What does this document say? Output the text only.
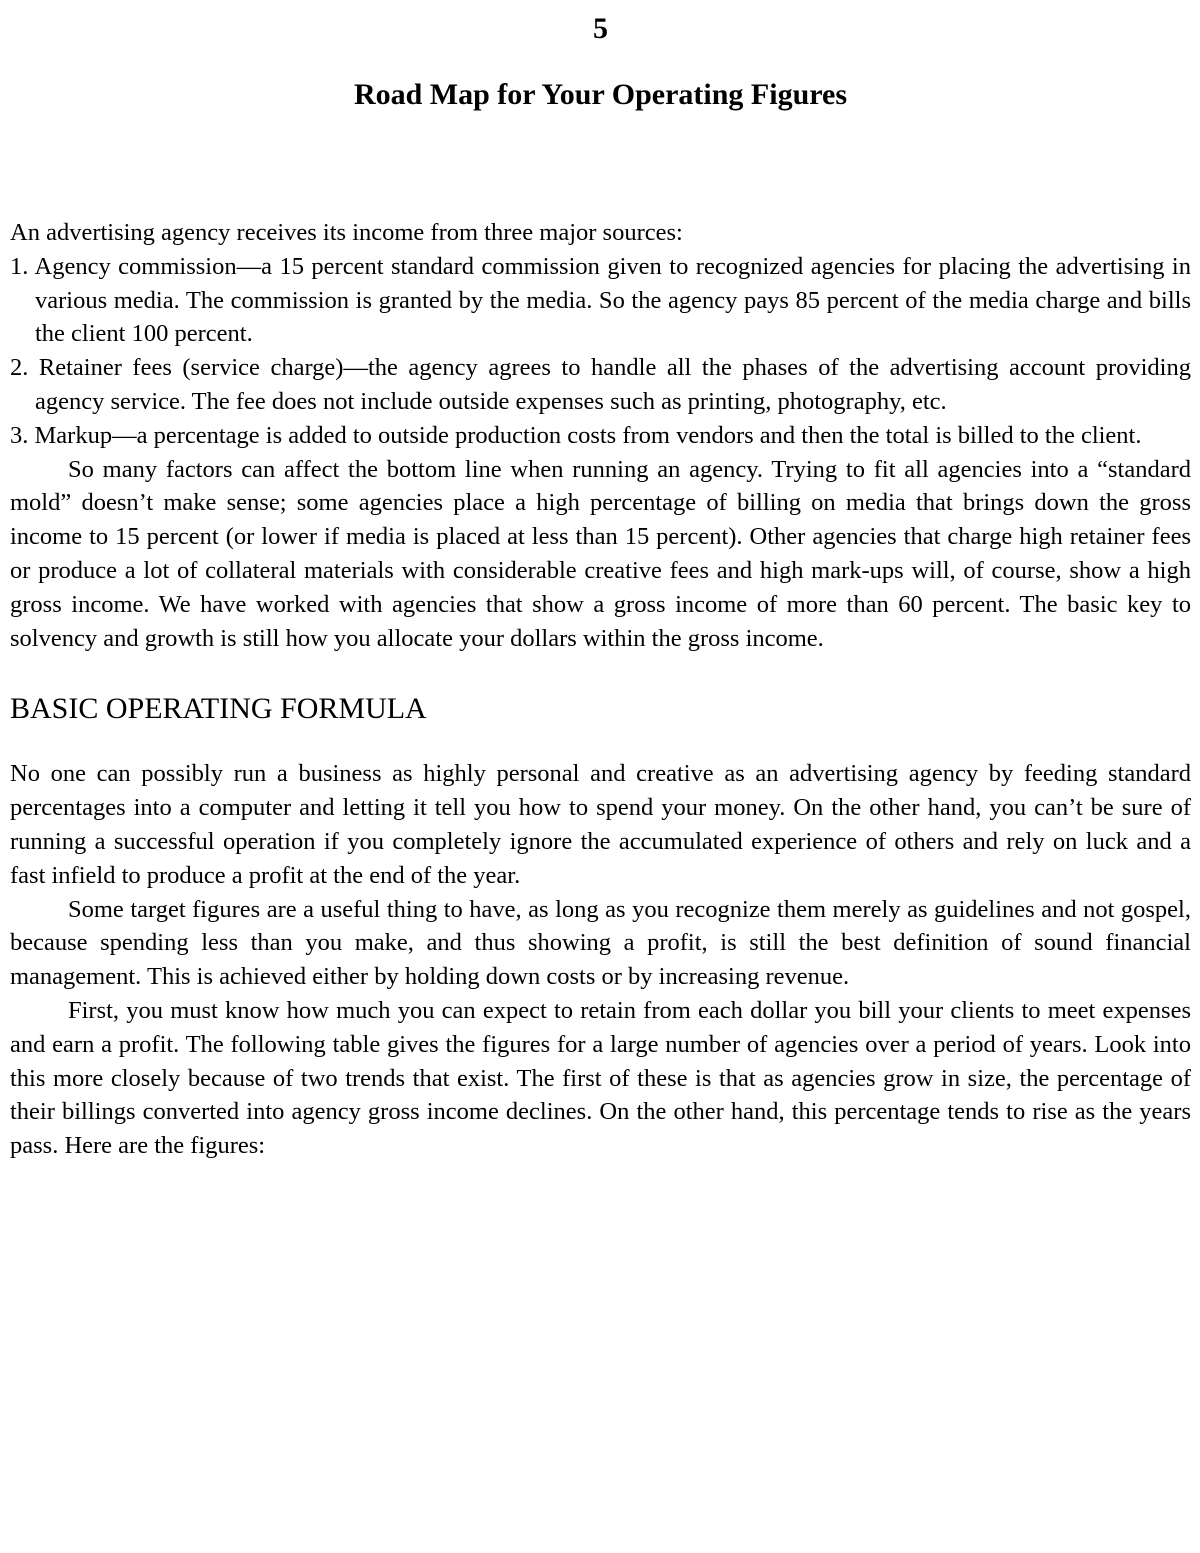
5
Road Map for Your Operating Figures

An advertising agency receives its income from three major sources:

1. Agency commission—a 15 percent standard commission given to recognized agencies for placing the advertising in various media. The commission is granted by the media. So the agency pays 85 percent of the media charge and bills the client 100 percent.

2. Retainer fees (service charge)—the agency agrees to handle all the phases of the advertising account providing agency service. The fee does not include outside expenses such as printing, photography, etc.

3. Markup—a percentage is added to outside production costs from vendors and then the total is billed to the client.

So many factors can affect the bottom line when running an agency. Trying to fit all agencies into a “standard mold” doesn’t make sense; some agencies place a high percentage of billing on media that brings down the gross income to 15 percent (or lower if media is placed at less than 15 percent). Other agencies that charge high retainer fees or produce a lot of collateral materials with considerable creative fees and high mark-ups will, of course, show a high gross income. We have worked with agencies that show a gross income of more than 60 percent. The basic key to solvency and growth is still how you allocate your dollars within the gross income.

BASIC OPERATING FORMULA

No one can possibly run a business as highly personal and creative as an advertising agency by feeding standard percentages into a computer and letting it tell you how to spend your money. On the other hand, you can’t be sure of running a successful operation if you completely ignore the accumulated experience of others and rely on luck and a fast infield to produce a profit at the end of the year.

Some target figures are a useful thing to have, as long as you recognize them merely as guidelines and not gospel, because spending less than you make, and thus showing a profit, is still the best definition of sound financial management. This is achieved either by holding down costs or by increasing revenue.

First, you must know how much you can expect to retain from each dollar you bill your clients to meet expenses and earn a profit. The following table gives the figures for a large number of agencies over a period of years. Look into this more closely because of two trends that exist. The first of these is that as agencies grow in size, the percentage of their billings converted into agency gross income declines. On the other hand, this percentage tends to rise as the years pass. Here are the figures:
